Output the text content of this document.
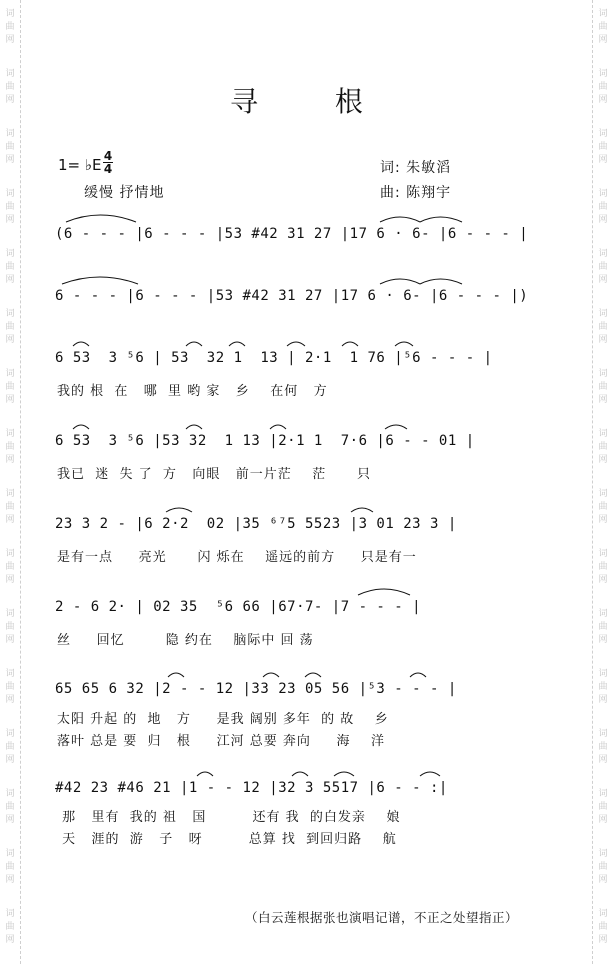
词曲网
词曲网
词曲网
词曲网
词曲网
词曲网
词曲网
词曲网
词曲网
词曲网
词曲网
词曲网
词曲网
词曲网
词曲网
词曲网
词曲网
词曲网
词曲网
词曲网
词曲网
词曲网
词曲网
词曲网
词曲网
词曲网
词曲网
词曲网
词曲网
词曲网
词曲网
词曲网
寻 根
1= ♭E 4
4
缓慢 抒情地
词: 朱敏滔
曲: 陈翔宇
(6 - - - |6 - - - |53 #42 31 27 |17 6 · 6- |6 - - - |
6 - - - |6 - - - |53 #42 31 27 |17 6 · 6- |6 - - - |)
6 53  3 ⁵6 | 53  32 1  13 | 2·1  1 76 |⁵6 - - - |
我的 根  在   哪  里 哟 家   乡    在何   方
6 53  3 ⁵6 |53 32  1 13 |2·1 1  7·6 |6 - - 01 |
我已  迷  失 了  方   向眼   前一片茫    茫      只
23 3 2 - |6 2·2  02 |35 ⁶⁷5 5523 |3 01 23 3 |
是有一点     亮光      闪 烁在    遥远的前方     只是有一
2 - 6 2· | 02 35  ⁵6 66 |67·7- |7 - - - |
丝     回忆        隐 约在    脑际中 回 荡
65 65 6 32 |2 - - 12 |33 23 05 56 |⁵3 - - - |
太阳 升起 的  地   方     是我 阔别 多年  的 故    乡
落叶 总是 要  归   根     江河 总要 奔向     海    洋
#42 23 #46 21 |1 - - 12 |32 3 5517 |6 - - :|
那   里有  我的 祖   国         还有 我  的白发亲    娘
天   涯的  游   子   呀         总算 找  到回归路    航
（白云莲根据张也演唱记谱，不正之处望指正）
